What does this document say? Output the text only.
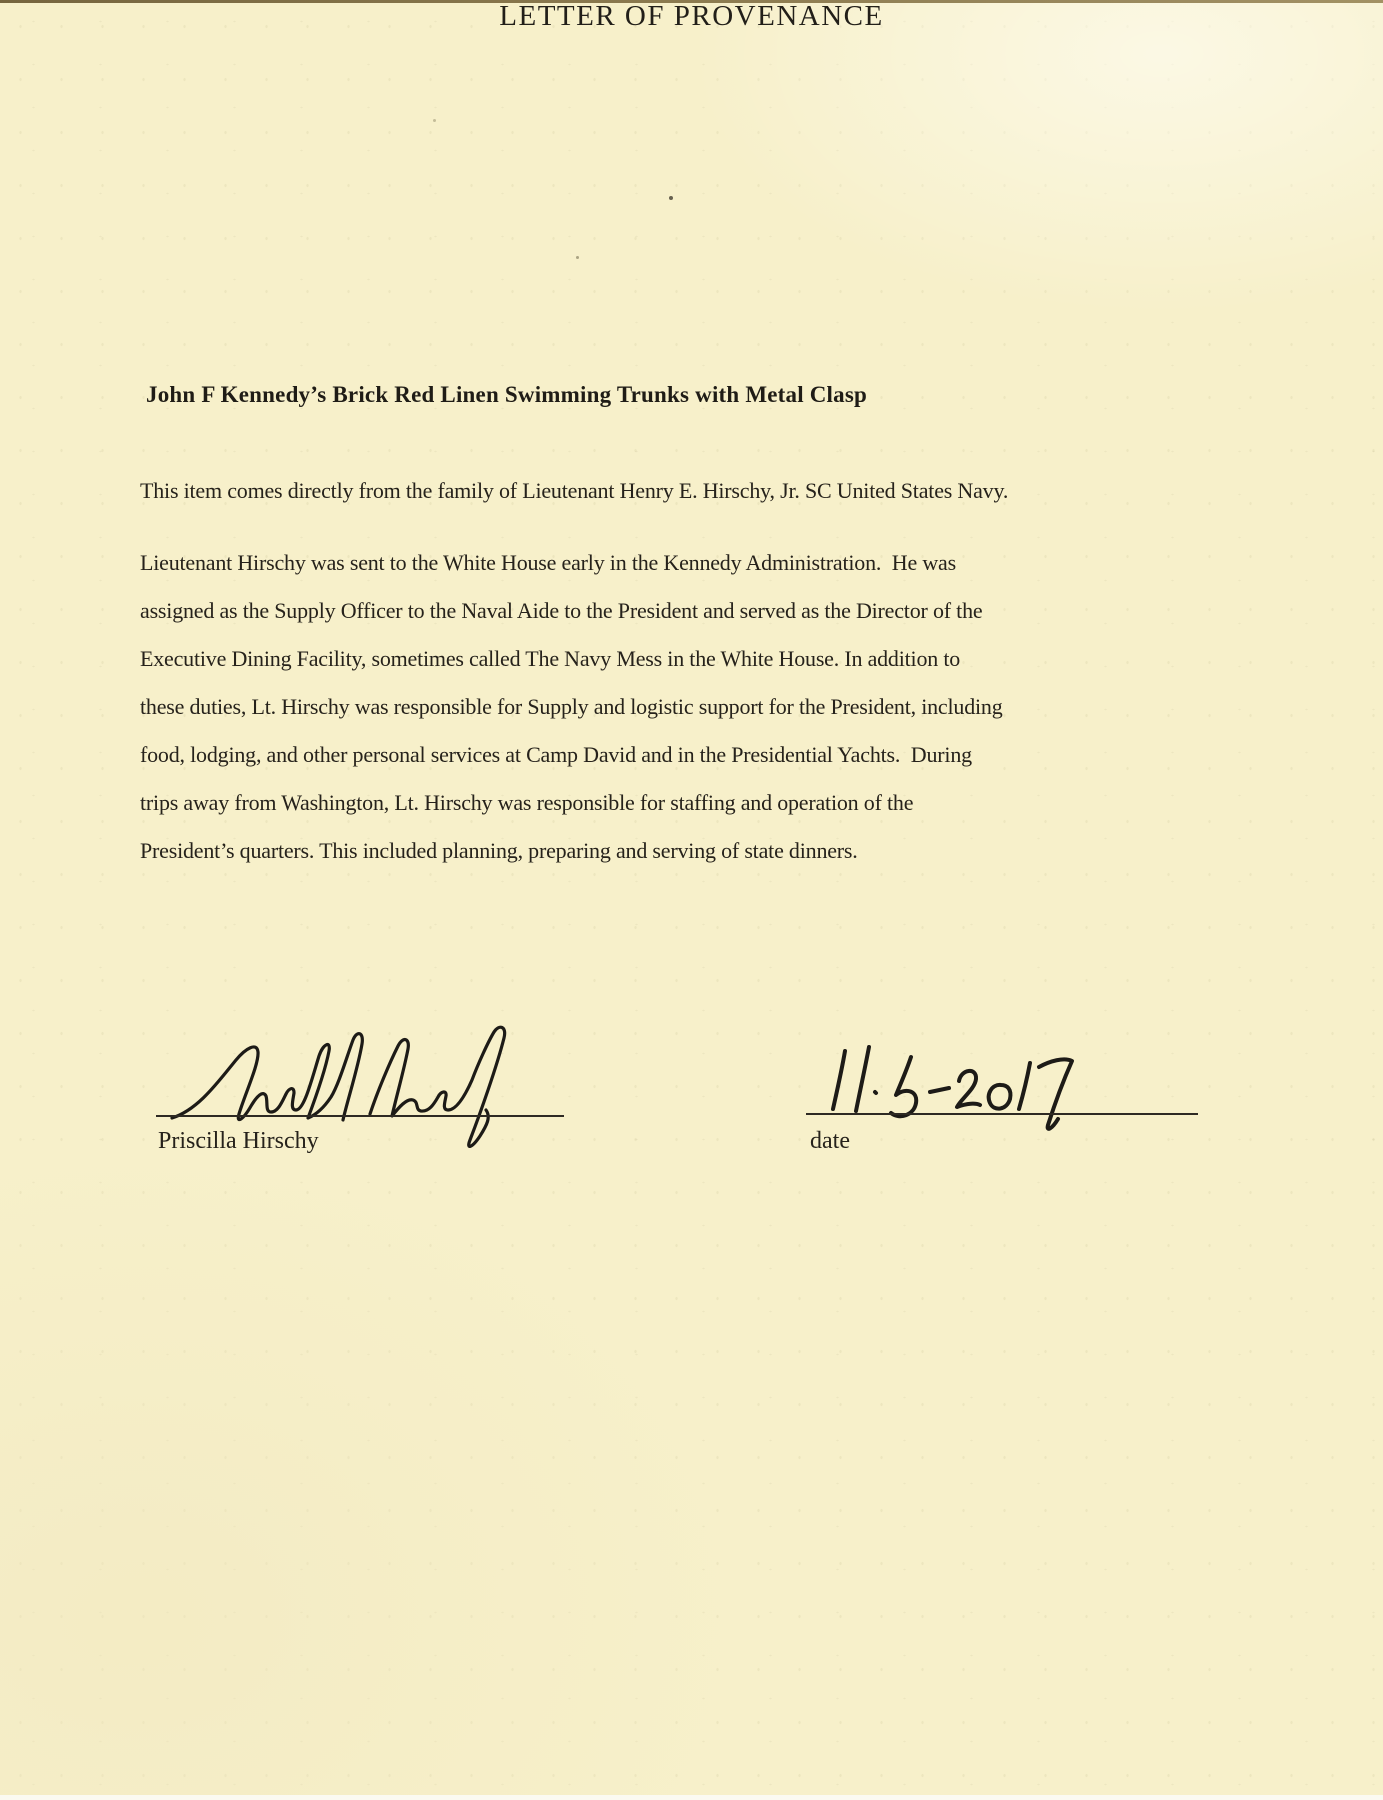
LETTER OF PROVENANCE
John F Kennedy’s Brick Red Linen Swimming Trunks with Metal Clasp
This item comes directly from the family of Lieutenant Henry E. Hirschy, Jr. SC United States Navy.
Lieutenant Hirschy was sent to the White House early in the Kennedy Administration.  He was
assigned as the Supply Officer to the Naval Aide to the President and served as the Director of the
Executive Dining Facility, sometimes called The Navy Mess in the White House. In addition to
these duties, Lt. Hirschy was responsible for Supply and logistic support for the President, including
food, lodging, and other personal services at Camp David and in the Presidential Yachts.  During
trips away from Washington, Lt. Hirschy was responsible for staffing and operation of the
President’s quarters. This included planning, preparing and serving of state dinners.
Priscilla Hirschy	date
